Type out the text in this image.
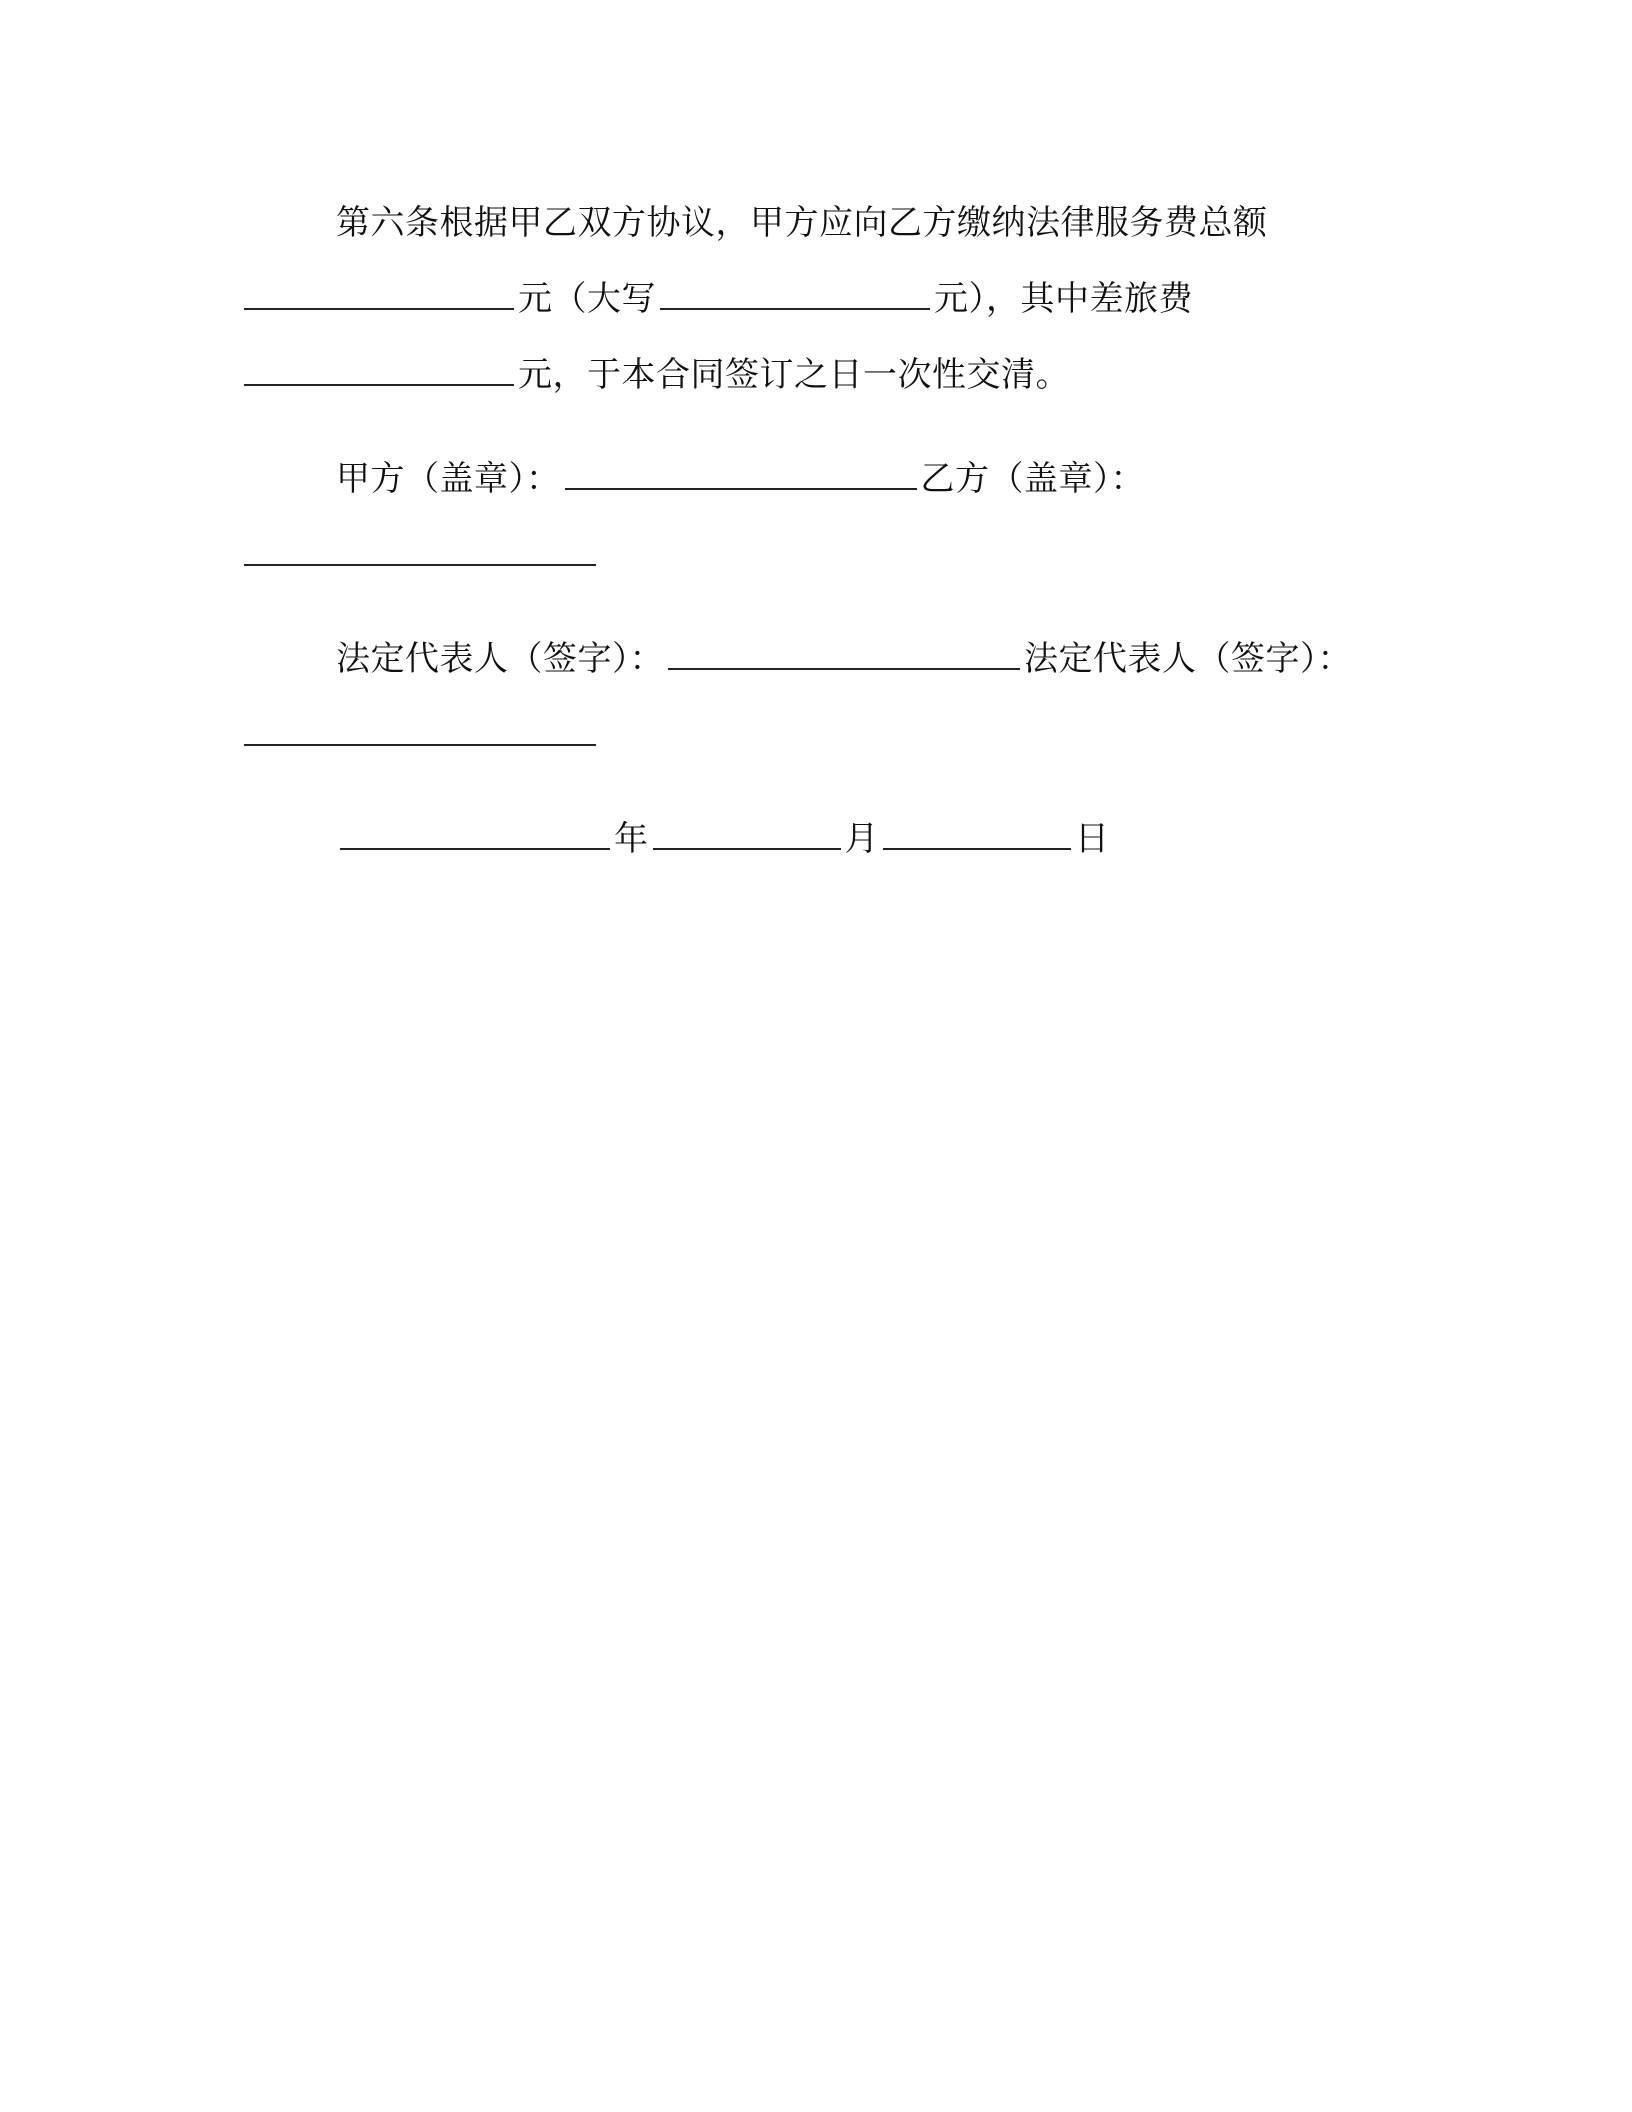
第六条根据甲乙双方协议，甲方应向乙方缴纳法律服务费总额元（大写	元），其中差旅费元，于本合同签订之日一次性交清。

甲方（盖章）：	乙方（盖章）：

法定代表人（签字）：	法定代表人（签字）：

年	月	日
